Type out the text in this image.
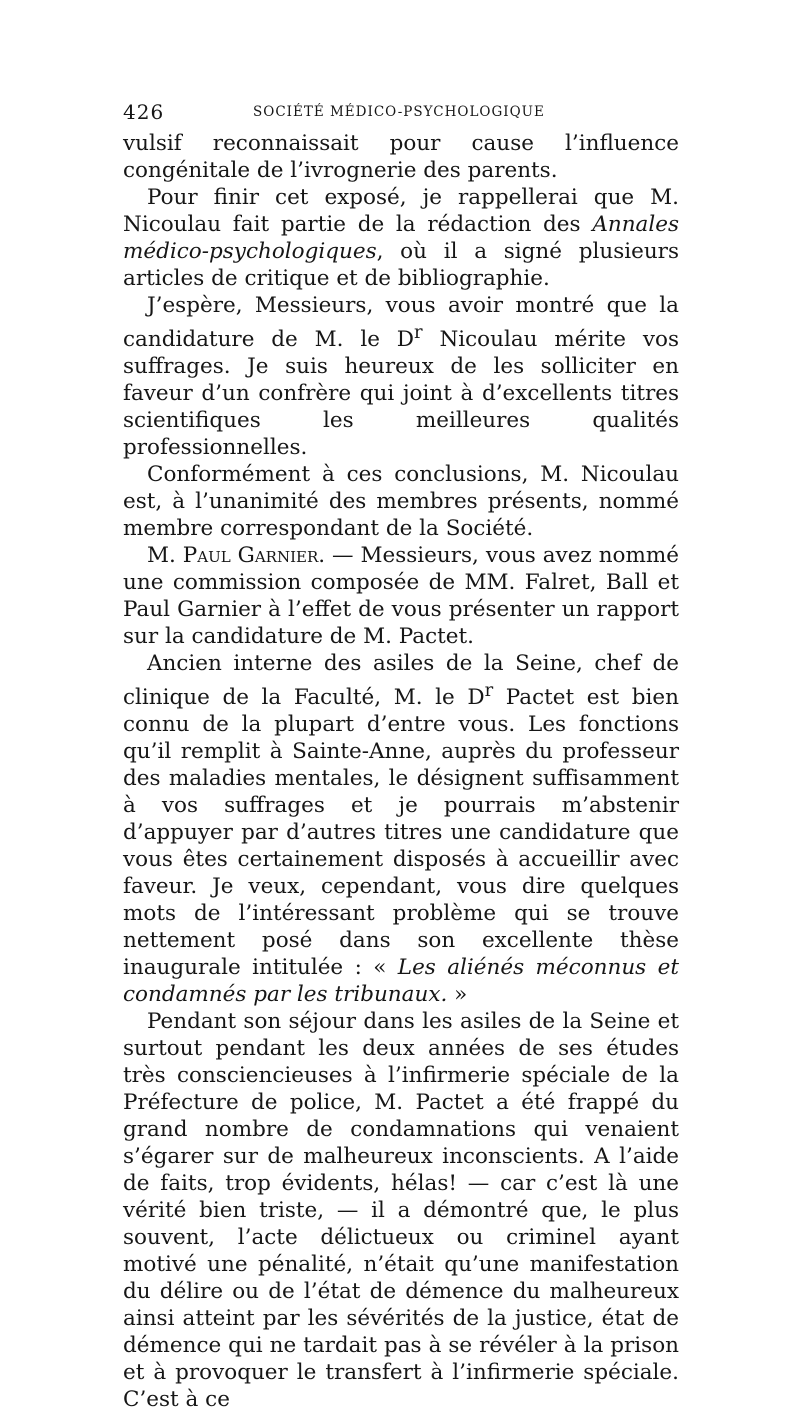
426	SOCIÉTÉ MÉDICO-PSYCHOLOGIQUE

vulsif reconnaissait pour cause l’influence congénitale de l’ivrognerie des parents.

Pour finir cet exposé, je rappellerai que M. Nicoulau fait partie de la rédaction des Annales médico-psychologiques, où il a signé plusieurs articles de critique et de bibliographie.

J’espère, Messieurs, vous avoir montré que la candidature de M. le $D^r$ Nicoulau mérite vos suffrages. Je suis heureux de les solliciter en faveur d’un confrère qui joint à d’excellents titres scientifiques les meilleures qualités professionnelles.

Conformément à ces conclusions, M. Nicoulau est, à l’unanimité des membres présents, nommé membre correspondant de la Société.

M. Paul Garnier. — Messieurs, vous avez nommé une commission composée de MM. Falret, Ball et Paul Garnier à l’effet de vous présenter un rapport sur la candidature de M. Pactet.

Ancien interne des asiles de la Seine, chef de clinique de la Faculté, M. le $D^r$ Pactet est bien connu de la plupart d’entre vous. Les fonctions qu’il remplit à Sainte-Anne, auprès du professeur des maladies mentales, le désignent suffisamment à vos suffrages et je pourrais m’abstenir d’appuyer par d’autres titres une candidature que vous êtes certainement disposés à accueillir avec faveur. Je veux, cependant, vous dire quelques mots de l’intéressant problème qui se trouve nettement posé dans son excellente thèse inaugurale intitulée : « Les aliénés méconnus et condamnés par les tribunaux. »

Pendant son séjour dans les asiles de la Seine et surtout pendant les deux années de ses études très consciencieuses à l’infirmerie spéciale de la Préfecture de police, M. Pactet a été frappé du grand nombre de condamnations qui venaient s’égarer sur de malheureux inconscients. A l’aide de faits, trop évidents, hélas! — car c’est là une vérité bien triste, — il a démontré que, le plus souvent, l’acte délictueux ou criminel ayant motivé une pénalité, n’était qu’une manifestation du délire ou de l’état de démence du malheureux ainsi atteint par les sévérités de la justice, état de démence qui ne tardait pas à se révéler à la prison et à provoquer le transfert à l’infirmerie spéciale. C’est à ce
